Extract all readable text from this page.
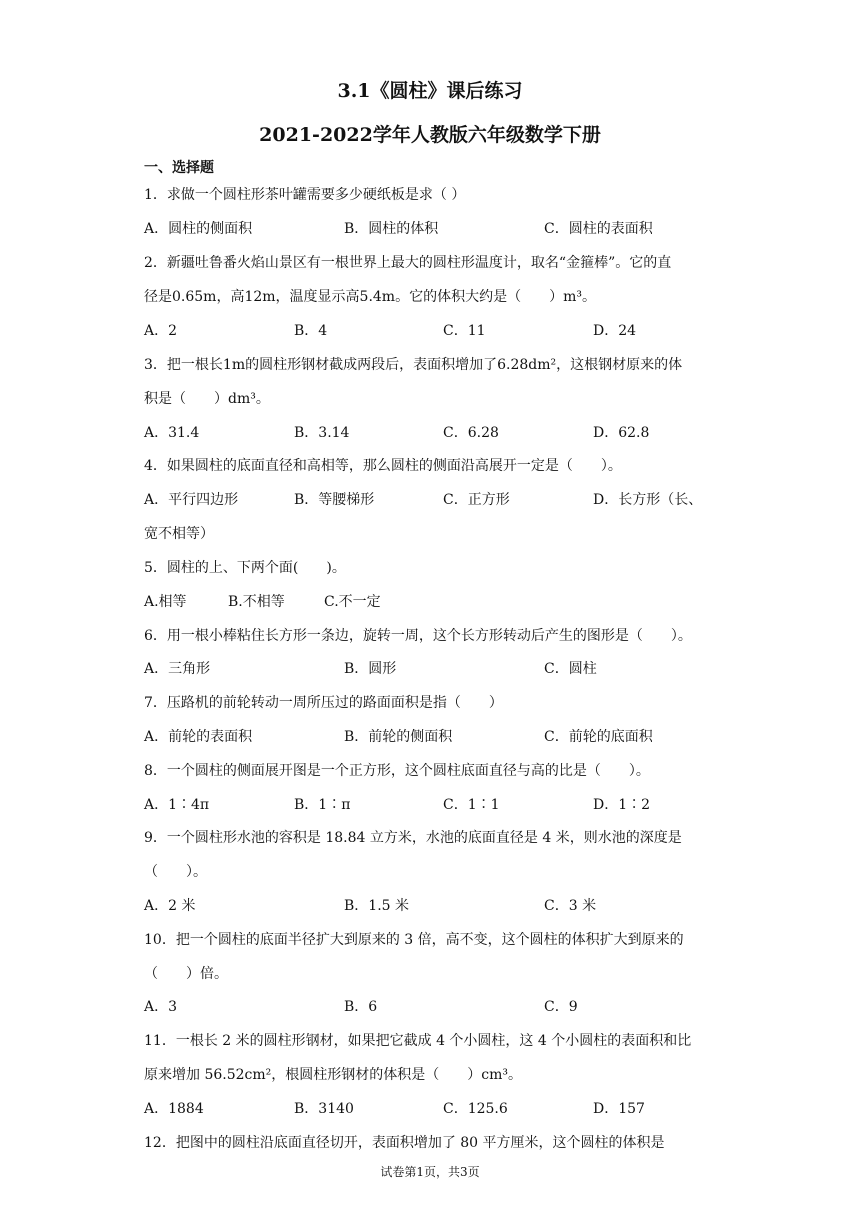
3.1《圆柱》课后练习
2021-2022学年人教版六年级数学下册
一、选择题
1．求做一个圆柱形茶叶罐需要多少硬纸板是求（ ）
A．圆柱的侧面积	B．圆柱的体积	C．圆柱的表面积
2．新疆吐鲁番火焰山景区有一根世界上最大的圆柱形温度计，取名“金箍棒”。它的直
径是0.65m，高12m，温度显示高5.4m。它的体积大约是（　　）m³。
A．2	B．4	C．11	D．24
3．把一根长1m的圆柱形钢材截成两段后，表面积增加了6.28dm²，这根钢材原来的体
积是（　　）dm³。
A．31.4	B．3.14	C．6.28	D．62.8
4．如果圆柱的底面直径和高相等，那么圆柱的侧面沿高展开一定是（　　）。
A．平行四边形	B．等腰梯形	C．正方形	D．长方形（长、
宽不相等）
5．圆柱的上、下两个面(　　)。
A.相等	B.不相等	C.不一定
6．用一根小棒粘住长方形一条边，旋转一周，这个长方形转动后产生的图形是（　　）。
A．三角形	B．圆形	C．圆柱
7．压路机的前轮转动一周所压过的路面面积是指（　　）
A．前轮的表面积	B．前轮的侧面积	C．前轮的底面积
8．一个圆柱的侧面展开图是一个正方形，这个圆柱底面直径与高的比是（　　）。
A．1∶4π	B．1∶π	C．1∶1	D．1∶2
9．一个圆柱形水池的容积是 18.84 立方米，水池的底面直径是 4 米，则水池的深度是
（　　）。
A．2 米	B．1.5 米	C．3 米
10．把一个圆柱的底面半径扩大到原来的 3 倍，高不变，这个圆柱的体积扩大到原来的
（　　）倍。
A．3	B．6	C．9
11．一根长 2 米的圆柱形钢材，如果把它截成 4 个小圆柱，这 4 个小圆柱的表面积和比
原来增加 56.52cm²，根圆柱形钢材的体积是（　　）cm³。
A．1884	B．3140	C．125.6	D．157
12．把图中的圆柱沿底面直径切开，表面积增加了 80 平方厘米，这个圆柱的体积是
试卷第1页，共3页
